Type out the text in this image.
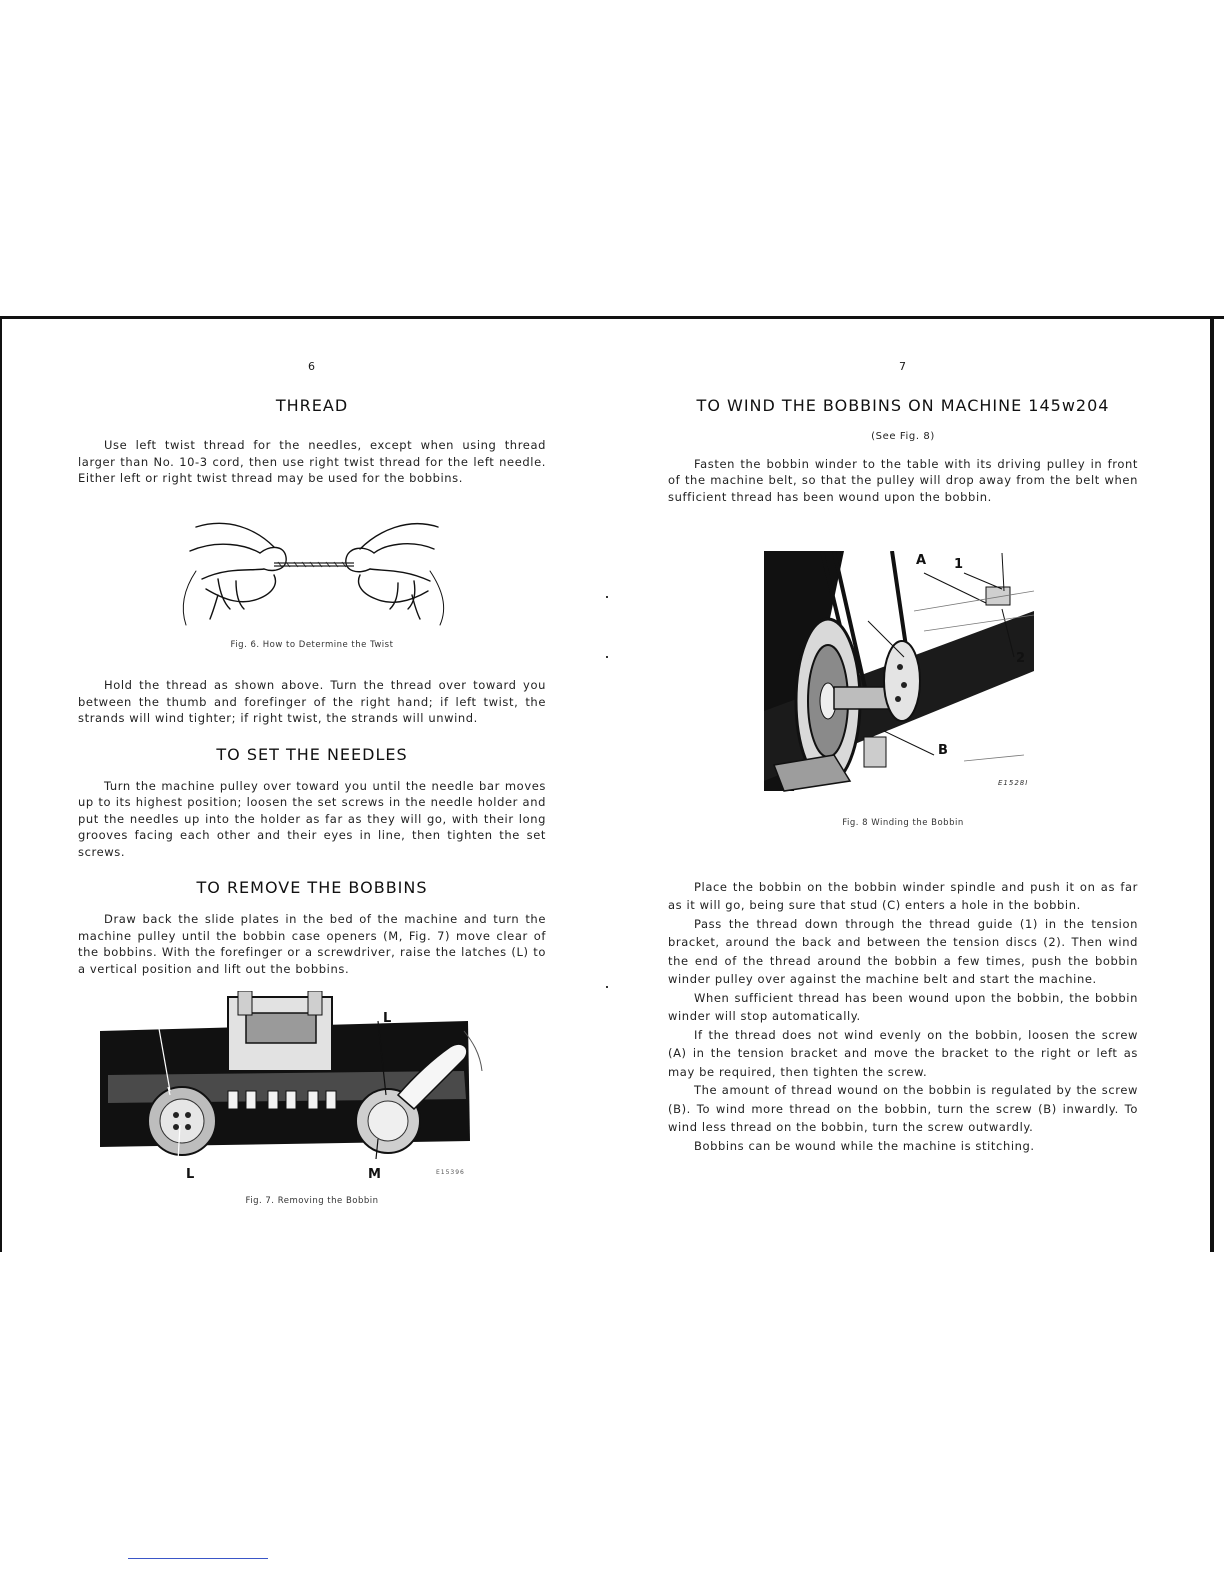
6
THREAD

Use left twist thread for the needles, except when using thread larger than No. 10-3 cord, then use right twist thread for the left needle. Either left or right twist thread may be used for the bobbins.

Fig. 6. How to Determine the Twist

Hold the thread as shown above. Turn the thread over toward you between the thumb and forefinger of the right hand; if left twist, the strands will wind tighter; if right twist, the strands will unwind.

TO SET THE NEEDLES

Turn the machine pulley over toward you until the needle bar moves up to its highest position; loosen the set screws in the needle holder and put the needles up into the holder as far as they will go, with their long grooves facing each other and their eyes in line, then tighten the set screws.

TO REMOVE THE BOBBINS

Draw back the slide plates in the bed of the machine and turn the machine pulley until the bobbin case openers (M, Fig. 7) move clear of the bobbins. With the forefinger or a screwdriver, raise the latches (L) to a vertical position and lift out the bobbins.

M	L
L	M	E15396

Fig. 7. Removing the Bobbin

7
TO WIND THE BOBBINS ON MACHINE 145w204

(See Fig. 8)

Fasten the bobbin winder to the table with its driving pulley in front of the machine belt, so that the pulley will drop away from the belt when sufficient thread has been wound upon the bobbin.

A 1
C
2
B
E1528I

Fig. 8 Winding the Bobbin

Place the bobbin on the bobbin winder spindle and push it on as far as it will go, being sure that stud (C) enters a hole in the bobbin.

Pass the thread down through the thread guide (1) in the tension bracket, around the back and between the tension discs (2). Then wind the end of the thread around the bobbin a few times, push the bobbin winder pulley over against the machine belt and start the machine.

When sufficient thread has been wound upon the bobbin, the bobbin winder will stop automatically.

If the thread does not wind evenly on the bobbin, loosen the screw (A) in the tension bracket and move the bracket to the right or left as may be required, then tighten the screw.

The amount of thread wound on the bobbin is regulated by the screw (B). To wind more thread on the bobbin, turn the screw (B) inwardly. To wind less thread on the bobbin, turn the screw outwardly.

Bobbins can be wound while the machine is stitching.
